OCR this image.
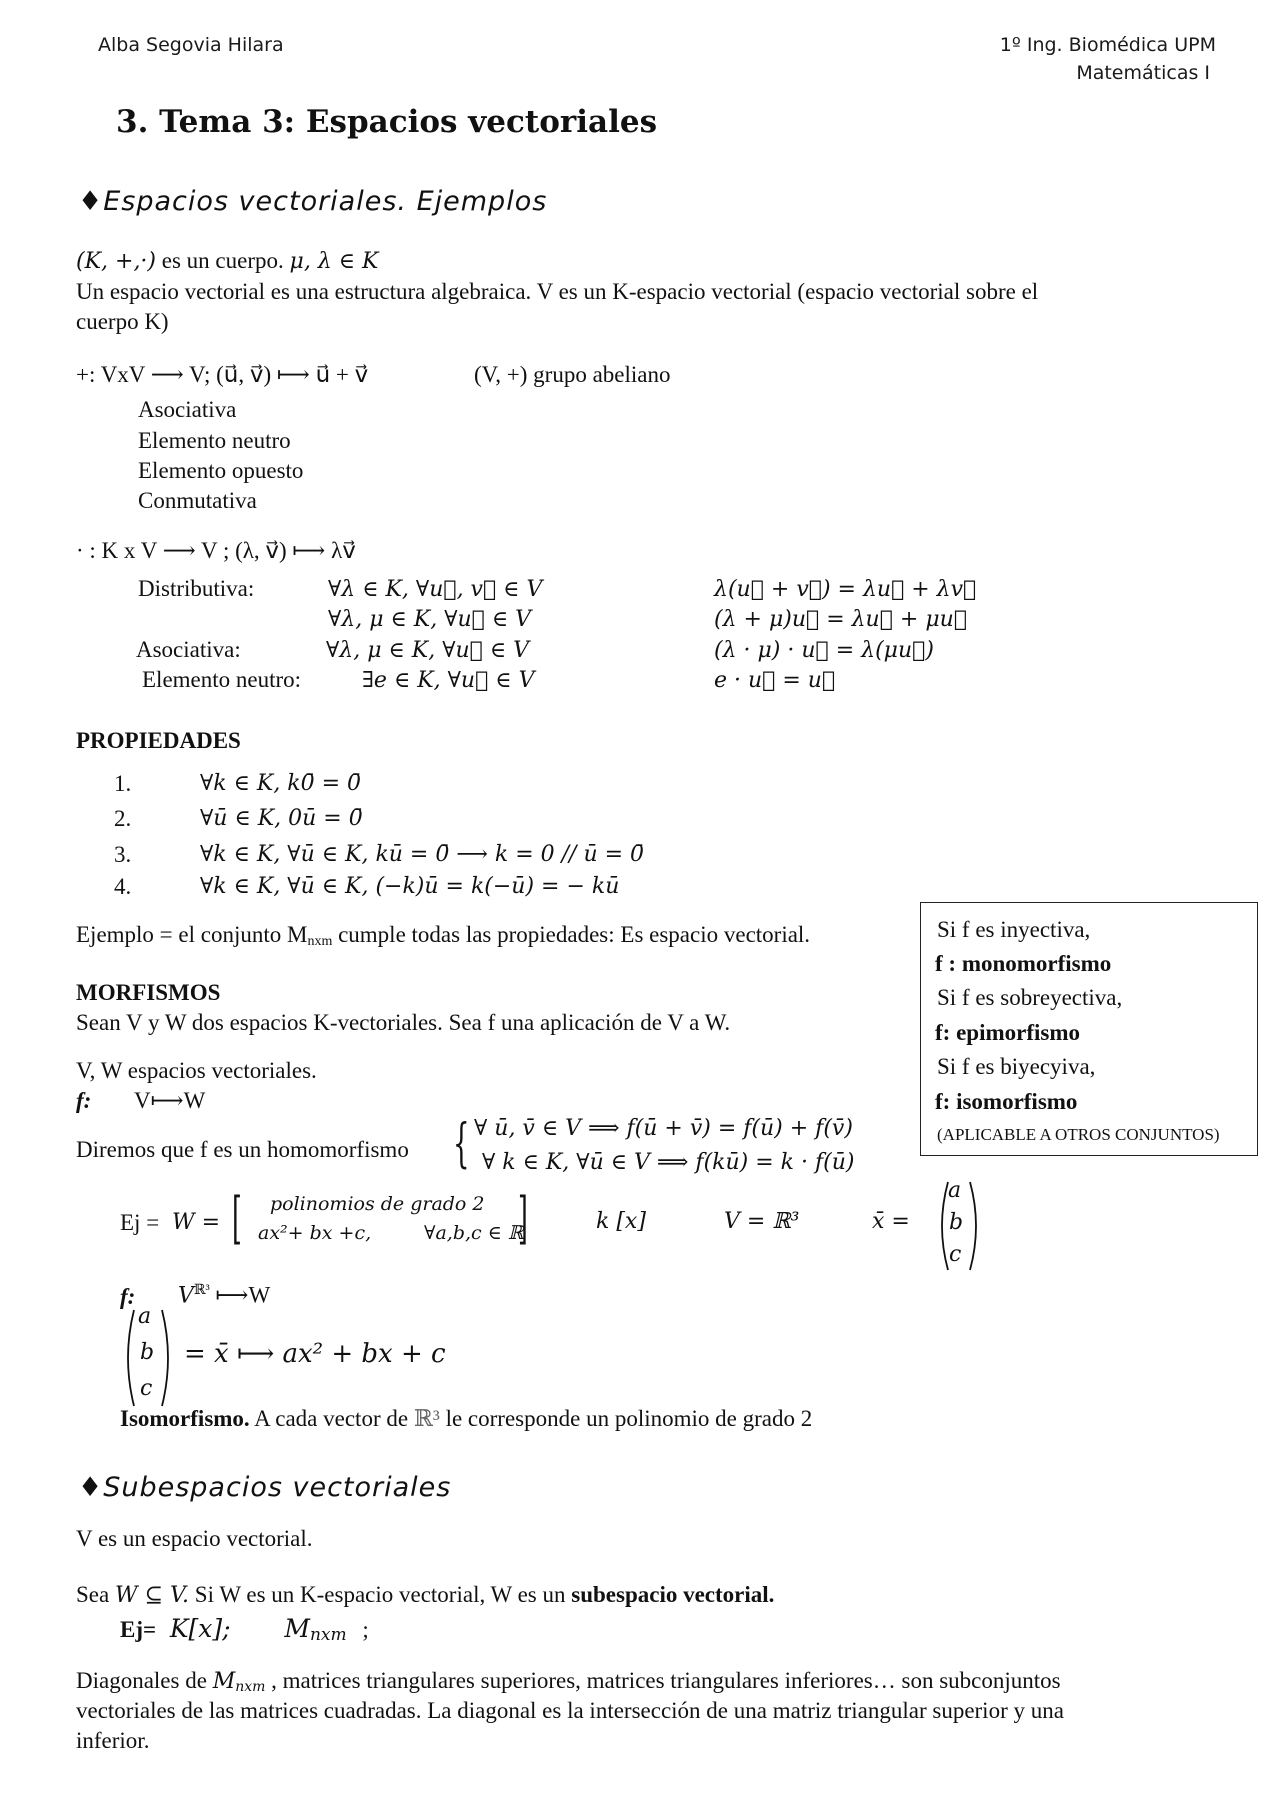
Alba Segovia Hilara	1º Ing. Biomédica UPM
Matemáticas I
3. Tema 3: Espacios vectoriales
♦Espacios vectoriales. Ejemplos
(K, +,·) es un cuerpo. μ, λ ∈ K
Un espacio vectorial es una estructura algebraica. V es un K-espacio vectorial (espacio vectorial sobre el
cuerpo K)
+: VxV ⟶ V; (u⃗, v⃗) ⟼ u⃗ + v⃗	(V, +) grupo abeliano
Asociativa
Elemento neutro
Elemento opuesto
Conmutativa
· : K x V ⟶ V ; (λ, v⃗) ⟼ λv⃗
Distributiva:	∀λ ∈ K, ∀u⃗, v⃗ ∈ V	λ(u⃗ + v⃗) = λu⃗ + λv⃗
∀λ, μ ∈ K, ∀u⃗ ∈ V	(λ + μ)u⃗ = λu⃗ + μu⃗
Asociativa:	∀λ, μ ∈ K, ∀u⃗ ∈ V	(λ · μ) · u⃗ = λ(μu⃗)
Elemento neutro:	∃e ∈ K, ∀u⃗ ∈ V	e · u⃗ = u⃗
PROPIEDADES
1.	∀k ∈ K, k0̄ = 0̄
2.	∀ū ∈ K, 0ū = 0̄
3.	∀k ∈ K, ∀ū ∈ K, kū = 0̄ ⟶ k = 0 // ū = 0̄
4.	∀k ∈ K, ∀ū ∈ K, (−k)ū = k(−ū) = − kū
Ejemplo = el conjunto $M_{nxm}$ cumple todas las propiedades: Es espacio vectorial.	Si f es inyectiva,
f : monomorfismo
Si f es sobreyectiva,
f: epimorfismo
Si f es biyecyiva,
f: isomorfismo
(APLICABLE A OTROS CONJUNTOS)
MORFISMOS
Sean V y W dos espacios K-vectoriales. Sea f una aplicación de V a W.
V, W espacios vectoriales.
f: V⟼W
Diremos que f es un homomorfismo { ∀ ū, v̄ ∈ V ⟹ f(ū + v̄) = f(ū) + f(v̄)
∀ k ∈ K, ∀ū ∈ V ⟹ f(kū) = k · f(ū)
Ej = W = [ polinomios de grado 2
ax²+ bx +c,	∀a,b,c ∈ ℝ
]	k [x]	V = ℝ³	x̄ =
a
b
c
f: $V^{ℝ^3}$ ⟼W
a
b
c
= x̄ ⟼ ax² + bx + c
Isomorfismo. A cada vector de ℝ³ le corresponde un polinomio de grado 2
♦Subespacios vectoriales
V es un espacio vectorial.
Sea W ⊆ V. Si W es un K-espacio vectorial, W es un subespacio vectorial.
Ej= K[x]; Mnxm ;
Diagonales de $M_{nxm}$ , matrices triangulares superiores, matrices triangulares inferiores… son subconjuntos
vectoriales de las matrices cuadradas. La diagonal es la intersección de una matriz triangular superior y una
inferior.
